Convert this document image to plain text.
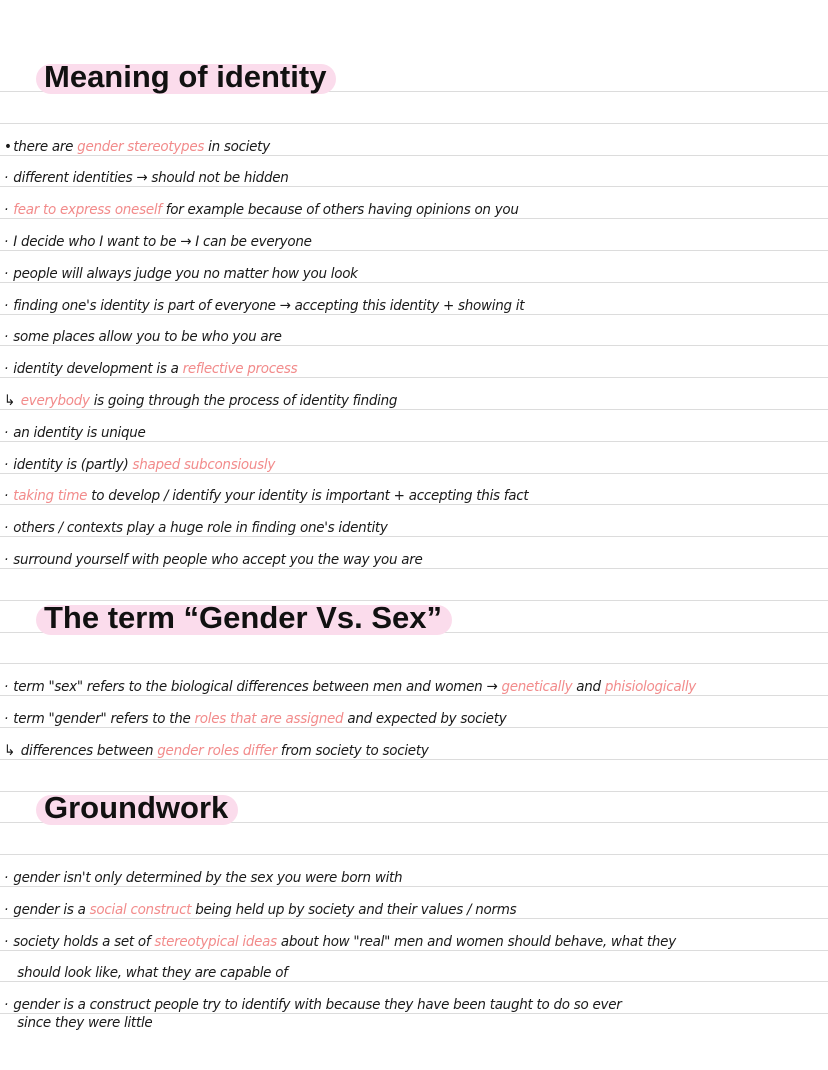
Meaning of identity
• there are gender stereotypes in society
· different identities → should not be hidden
· fear to express oneself for example because of others having opinions on you
· I decide who I want to be → I can be everyone
· people will always judge you no matter how you look
· finding one's identity is part of everyone → accepting this identity + showing it
· some places allow you to be who you are
· identity development is a reflective process
↳ everybody is going through the process of identity finding
· an identity is unique
· identity is (partly) shaped subconsiously
· taking time to develop / identify your identity is important + accepting this fact
· others / contexts play a huge role in finding one's identity
· surround yourself with people who accept you the way you are
The term “Gender Vs. Sex”
· term "sex" refers to the biological differences between men and women → genetically and phisiologically
· term "gender" refers to the roles that are assigned and expected by society
↳ differences between gender roles differ from society to society
Groundwork
· gender isn't only determined by the sex you were born with
· gender is a social construct being held up by society and their values / norms
· society holds a set of stereotypical ideas about how "real" men and women should behave, what they
should look like, what they are capable of
· gender is a construct people try to identify with because they have been taught to do so ever
since they were little
